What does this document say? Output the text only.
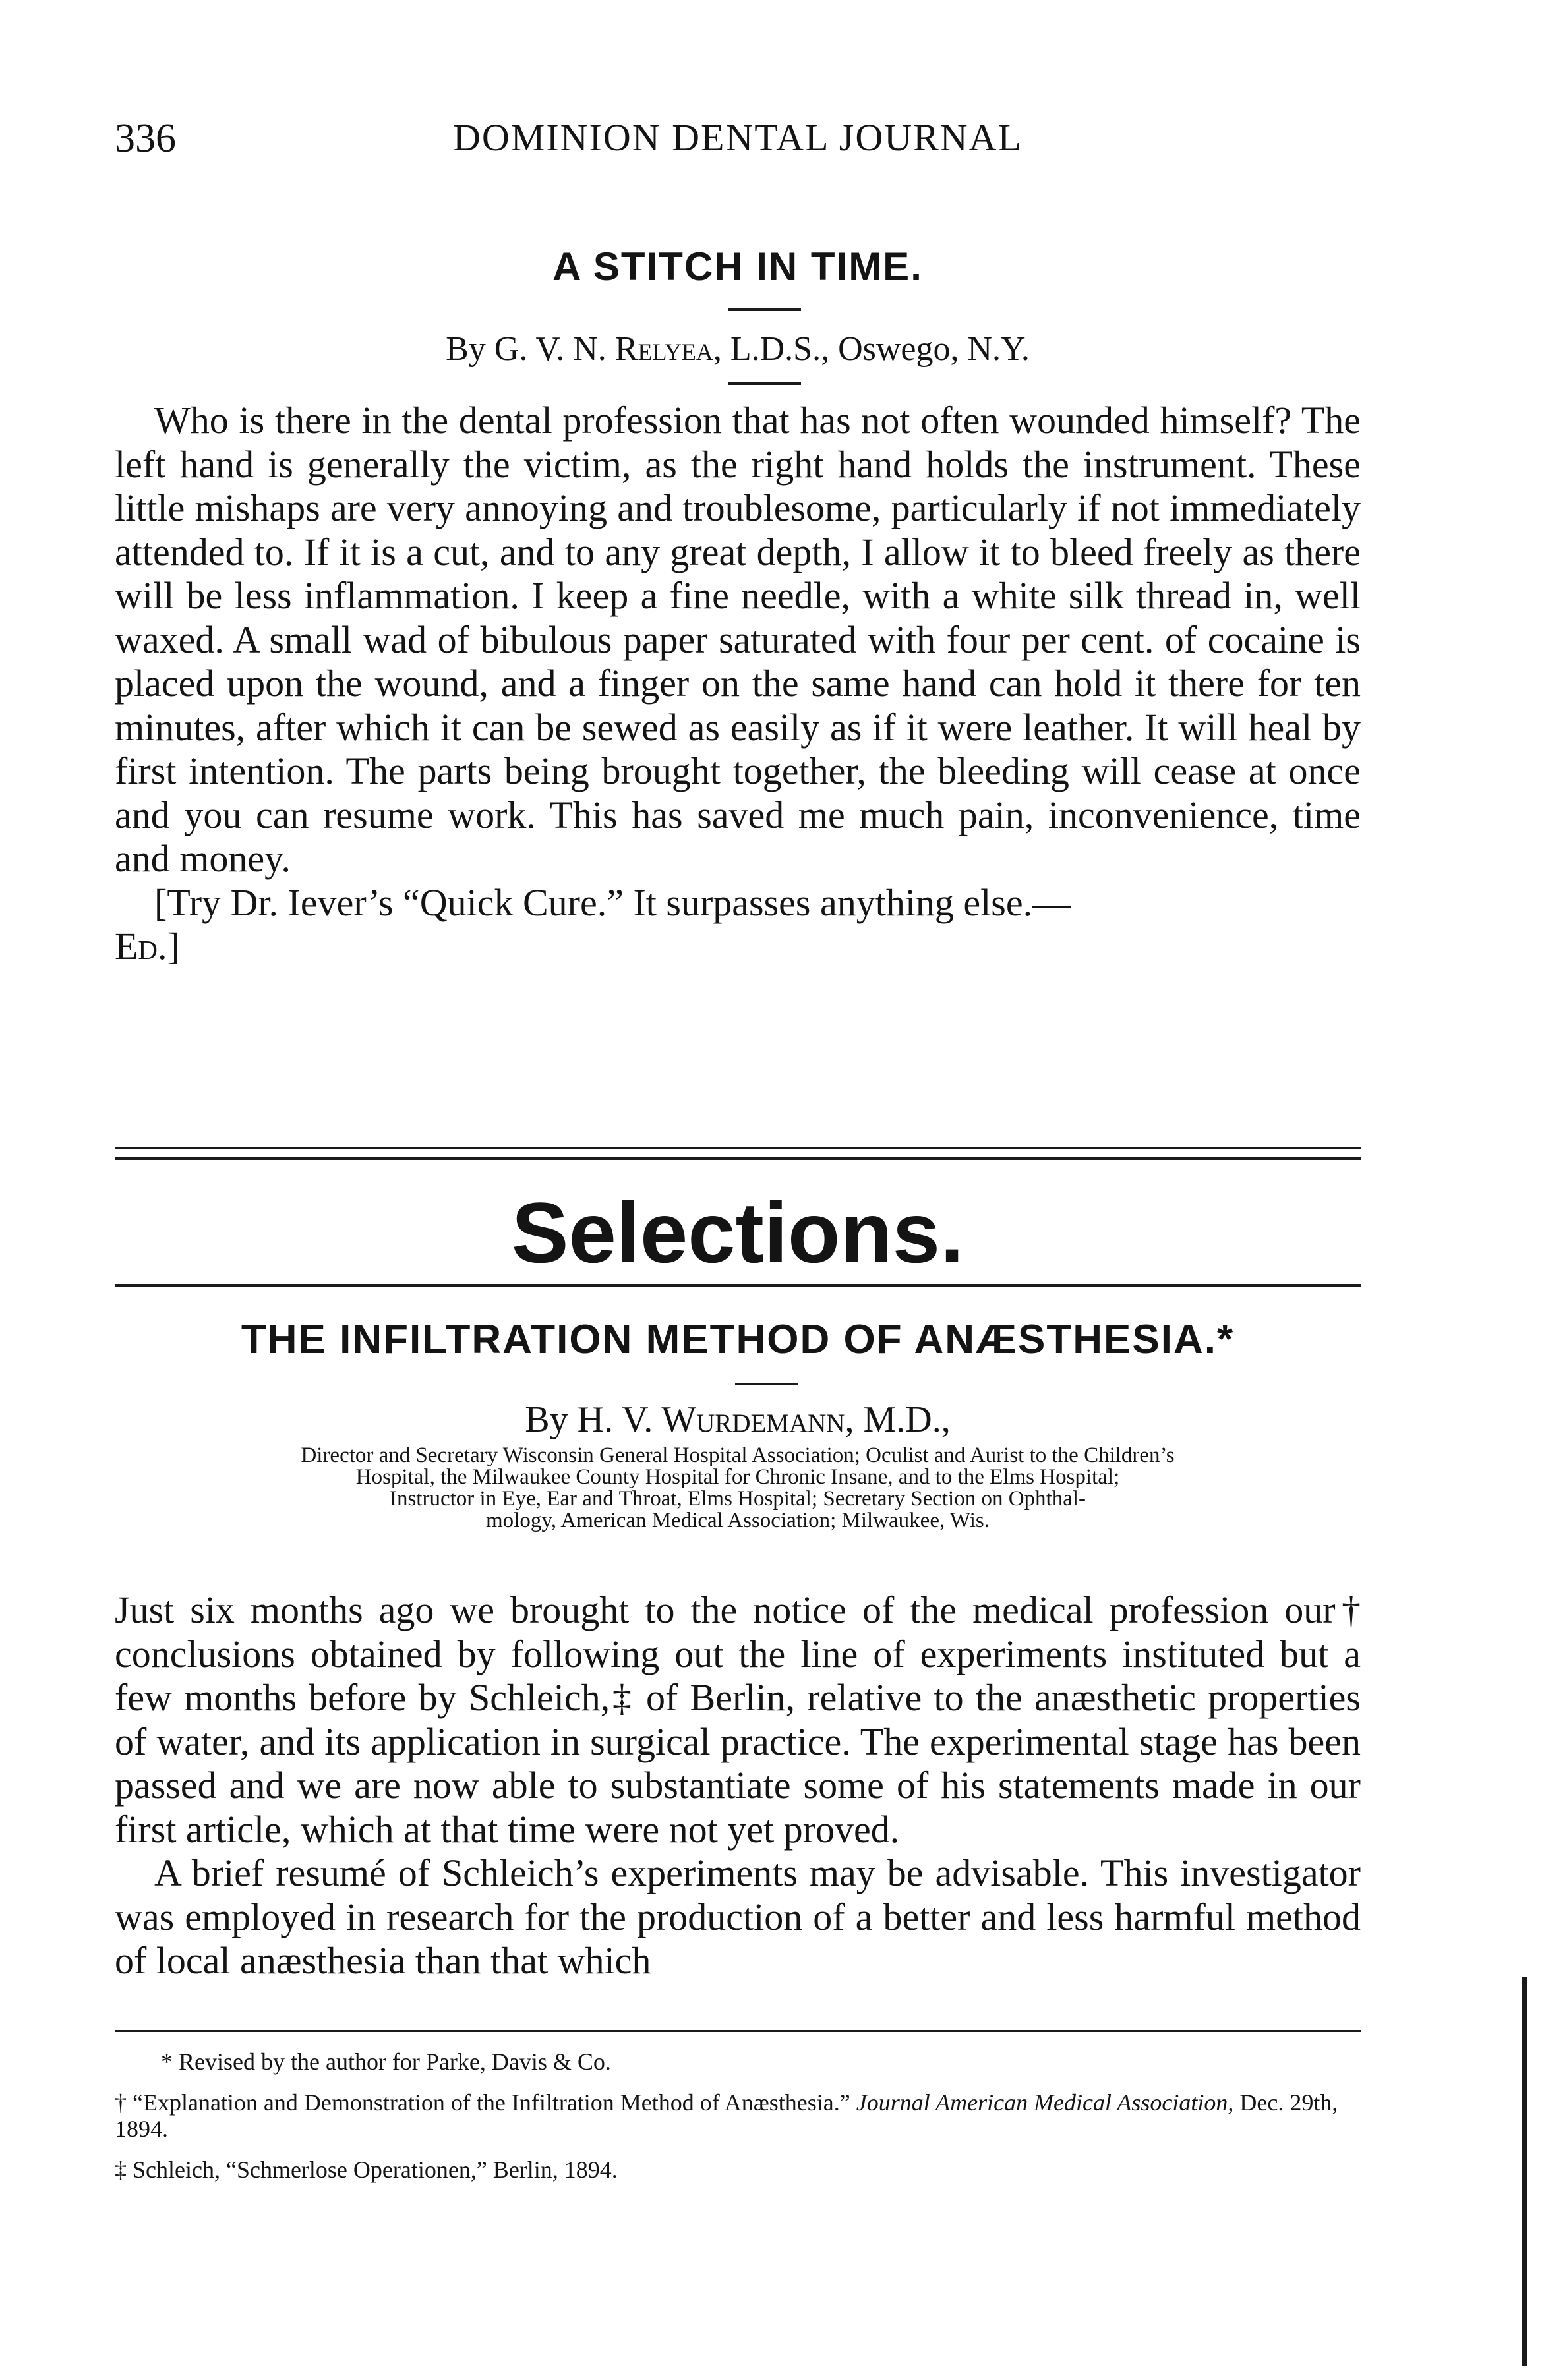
336	DOMINION DENTAL JOURNAL
A STITCH IN TIME.
By G. V. N. Relyea, L.D.S., Oswego, N.Y.

Who is there in the dental profession that has not often wounded himself? The left hand is generally the victim, as the right hand holds the instrument. These little mishaps are very annoying and troublesome, particularly if not immediately attended to. If it is a cut, and to any great depth, I allow it to bleed freely as there will be less inflammation. I keep a fine needle, with a white silk thread in, well waxed. A small wad of bibulous paper saturated with four per cent. of cocaine is placed upon the wound, and a finger on the same hand can hold it there for ten minutes, after which it can be sewed as easily as if it were leather. It will heal by first intention. The parts being brought together, the bleeding will cease at once and you can resume work. This has saved me much pain, inconvenience, time and money.

[Try Dr. Iever’s “Quick Cure.” It surpasses anything else.—
Ed.]

Selections.
THE INFILTRATION METHOD OF ANÆSTHESIA.*
By H. V. Wurdemann, M.D.,
Director and Secretary Wisconsin General Hospital Association; Oculist and Aurist to the Children’s
Hospital, the Milwaukee County Hospital for Chronic Insane, and to the Elms Hospital;
Instructor in Eye, Ear and Throat, Elms Hospital; Secretary Section on Ophthal-
mology, American Medical Association; Milwaukee, Wis.

Just six months ago we brought to the notice of the medical profession our† conclusions obtained by following out the line of experiments instituted but a few months before by Schleich,‡ of Berlin, relative to the anæsthetic properties of water, and its application in surgical practice. The experimental stage has been passed and we are now able to substantiate some of his statements made in our first article, which at that time were not yet proved.

A brief resumé of Schleich’s experiments may be advisable. This investigator was employed in research for the production of a better and less harmful method of local anæsthesia than that which

* Revised by the author for Parke, Davis & Co.

† “Explanation and Demonstration of the Infiltration Method of Anæsthesia.” Journal American Medical Association, Dec. 29th, 1894.

‡ Schleich, “Schmerlose Operationen,” Berlin, 1894.
